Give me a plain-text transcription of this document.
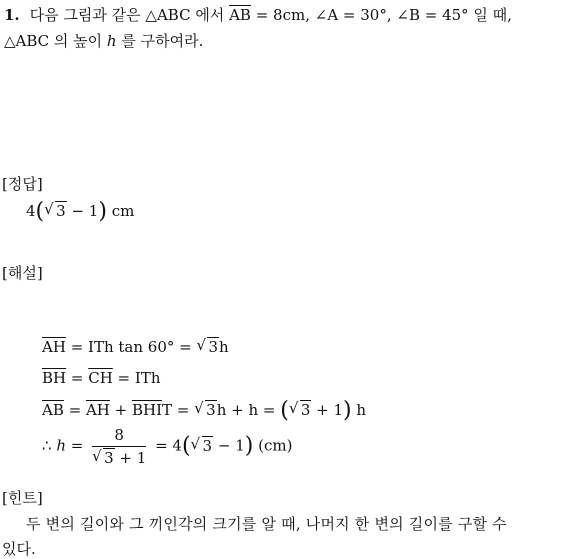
1. 다음 그림과 같은 △ABC 에서 $\overline{AB} = 8cm$, ∠A = 30°, ∠B = 45° 일 때,
△ABC 의 높이 h 를 구하여라.
[정답]
4( √ 3 − 1) cm
[해설]
$\overline{AH}$ = ITh tan 60° = √ 3h
$\overline{BH} = \overline{CH}$ = ITh
$\overline{AB} = \overline{AH} + \overline{BHI}T$ = √ 3h + h = ( √ 3 + 1) h
∴ h = 8
√ 3 + 1 = 4( √ 3 − 1) (cm)
[힌트]
두 변의 길이와 그 끼인각의 크기를 알 때, 나머지 한 변의 길이를 구할 수
있다.
